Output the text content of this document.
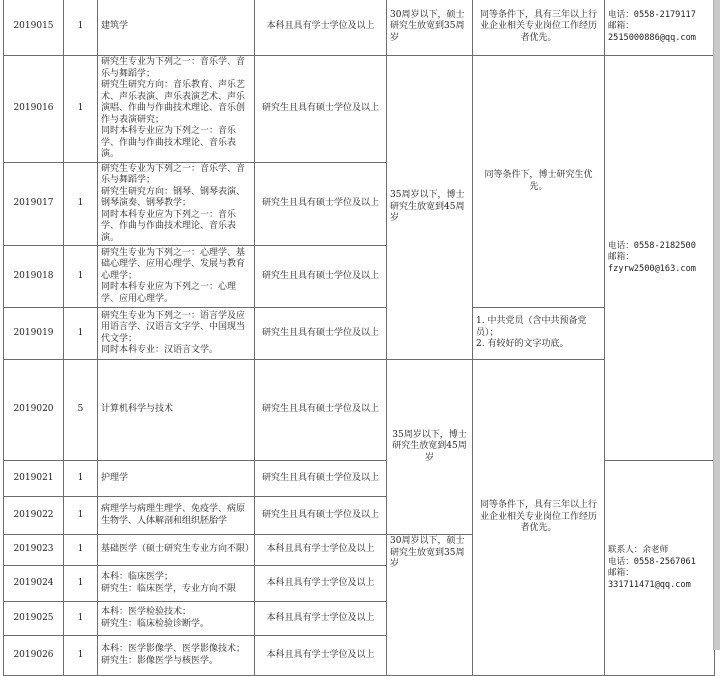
2019015	1	建筑学	本科且具有学士学位及以上	30周岁以下，硕士研究生放宽到35周岁	同等条件下，具有三年以上行业企业相关专业岗位工作经历者优先。	电话：0558-2179117
邮箱：2515000886@qq.com	
2019016	1	研究生专业为下列之一：音乐学、音乐与舞蹈学；
研究生研究方向：音乐教育、声乐艺术、声乐表演、声乐表演艺术、声乐演唱、作曲与作曲技术理论、音乐创作与表演研究；
同时本科专业应为下列之一：音乐学、作曲与作曲技术理论、音乐表演。	研究生且具有硕士学位及以上	35周岁以下，博士研究生放宽到45周岁	同等条件下，博士研究生优先。	电话：0558-2182500
邮箱：
fzyrw2500@163.com	
2019017	1	研究生专业为下列之一：音乐学、音乐与舞蹈学；
研究生研究方向：钢琴、钢琴表演、钢琴演奏、钢琴教学；
同时本科专业应为下列之一：音乐学、作曲与作曲技术理论、音乐表演。	研究生且具有硕士学位及以上				
2019018	1	研究生专业为下列之一：心理学、基础心理学、应用心理学、发展与教育心理学；
同时本科专业应为下列之一：心理学、应用心理学。	研究生且具有硕士学位及以上				
2019019	1	研究生专业为下列之一：语言学及应用语言学、汉语言文字学、中国现当代文学；
同时本科专业：汉语言文学。	研究生且具有硕士学位及以上		1. 中共党员（含中共预备党员）；
2. 有较好的文字功底。		
2019020	5	计算机科学与技术	研究生且具有硕士学位及以上	35周岁以下，博士研究生放宽到45周岁	同等条件下，具有三年以上行业企业相关专业岗位工作经历者优先。	
2019021	1	护理学	研究生且具有硕士学位及以上			联系人：余老师
电话：0558-2567061
邮箱：331711471@qq.com	
2019022	1	病理学与病理生理学、免疫学、病原生物学、人体解剖和组织胚胎学	研究生且具有硕士学位及以上				
2019023	1	基础医学（硕士研究生专业方向不限）	本科且具有学士学位及以上	30周岁以下，硕士研究生放宽到35周岁			
2019024	1	本科：临床医学；
研究生：临床医学，专业方向不限	本科且具有学士学位及以上				
2019025	1	本科：医学检验技术；
研究生：临床检验诊断学。	本科且具有学士学位及以上				
2019026	1	本科：医学影像学、医学影像技术；
研究生：影像医学与核医学。	本科且具有学士学位及以上				
